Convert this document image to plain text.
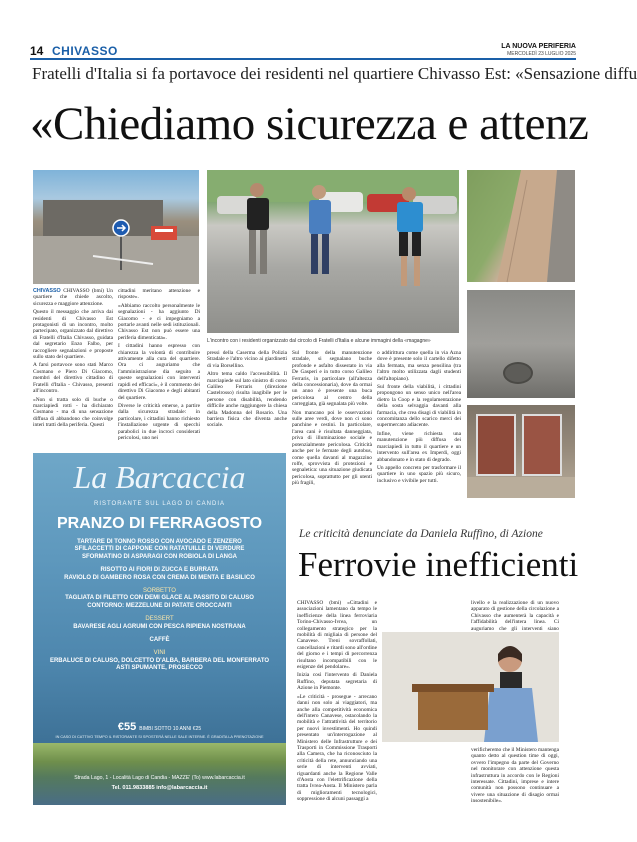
14 CHIVASSO	LA NUOVA PERIFERIA
MERCOLEDÌ 23 LUGLIO 2025
Fratelli d'Italia si fa portavoce dei residenti nel quartiere Chivasso Est: «Sensazione diffu
«Chiediamo sicurezza e attenz
L'incontro con i residenti organizzato dal circolo di Fratelli d'Italia e alcune immagini della «magagne»

CHIVASSO CHIVASSO (bmi) Un quartiere che chiede ascolto, sicurezza e maggiore attenzione.

Questo il messaggio che arriva dai residenti di Chivasso Est protagonisti di un incontro, molto partecipato, organizzato dal direttivo di Fratelli d'Italia Chivasso, guidata dal segretario Enzo Falbo, per raccogliere segnalazioni e proposte sullo stato del quartiere.

A farsi portavoce sono stati Marco Cosmano e Piero Di Giacomo, membri del direttivo cittadino di Fratelli d'Italia - Chivasso, presenti all'incontro.

«Non si tratta solo di buche o marciapiedi rotti - ha dichiarato Cosmano - ma di una sensazione diffusa di abbandono che coinvolge interi tratti della periferia. Questi

cittadini meritano attenzione e risposte».

«Abbiamo raccolto personalmente le segnalazioni - ha aggiunto Di Giacomo - e ci impegniamo a portarle avanti nelle sedi istituzionali. Chivasso Est non può essere una periferia dimenticata».

I cittadini hanno espresso con chiarezza la volontà di contribuire attivamente alla cura del quartiere. Ora ci auguriamo che l'amministrazione dia seguito a queste segnalazioni con interventi rapidi ed efficaci», è il commento dei direttivo Di Giacomo e degli abitanti del quartiere.

Diverse le criticità emerse, a partire dalla sicurezza stradale: in particolare, i cittadini hanno richiesto l'installazione urgente di specchi parabolici in due incroci considerati pericolosi, uno nei

pressi della Caserma della Polizia Stradale e l'altro vicino ai giardinetti di via Borsellino.

Altro tema caldo l'accessibilità. Il marciapiede sul lato sinistro di corso Galileo Ferraris (direzione Castelrosso) risulta inagibile per le persone con disabilità, rendendo difficile anche raggiungere la chiesa della Madonna del Rosario. Una barriera fisica che diventa anche sociale.

Sul fronte della manutenzione stradale, si segnalano buche profonde e asfalto dissestato in via De Gasperi e in tutto corso Galileo Ferraris, in particolare (all'altezza della concessionaria), dove da ormai un anno è presente una buca pericolosa al centro della carreggiata, già segnalata più volte.

Non mancano poi le osservazioni sulle aree verdi, dove non ci sono panchine e cestini. In particolare, l'area cani è risultata danneggiata, priva di illuminazione sociale e potenzialmente pericolosa. Criticità anche per le fermate degli autobus, come quella davanti al magazzino rolfe, sprovvista di protezioni e segnaletica: una situazione giudicata pericolosa, soprattutto per gli utenti più fragili,

o addirittura come quella in via Azna dove è presente solo il cartello difetto alla fermata, ma senza pensilina (tra l'altro molto utilizzata dagli studenti dell'altopiano).

Sul fronte della viabilità, i cittadini propongono un senso unico nell'area dietro la Coop e la regolamentazione della sosta selvaggia davanti alla farmacia, che crea disagi di viabilità in concomitanza dello scarico merci dei supermercato adiacente.

Infine, viene richiesta una manutenzione più diffusa dei marciapiedi in tutto il quartiere e un intervento sull'area ex Imperdi, oggi abbandonato e in stato di degrado.

Un appello concreto per trasformare il quartiere in uno spazio più sicuro, inclusivo e vivibile per tutti.

La Barcaccia
RISTORANTE SUL LAGO DI CANDIA
PRANZO DI FERRAGOSTO
TARTARE DI TONNO ROSSO CON AVOCADO E ZENZERO
SFILACCETTI DI CAPPONE CON RATATUILLE DI VERDURE
SFORMATINO DI ASPARAGI CON ROBIOLA DI LANGA
RISOTTO AI FIORI DI ZUCCA E BURRATA
RAVIOLO DI GAMBERO ROSA CON CREMA DI MENTA E BASILICO
SORBETTO
TAGLIATA DI FILETTO CON DEMI GLACE AL PASSITO DI CALUSO
CONTORNO: MEZZELUNE DI PATATE CROCCANTI
DESSERT
BAVARESE AGLI AGRUMI CON PESCA RIPIENA NOSTRANA
CAFFÈ
VINI
ERBALUCE DI CALUSO, DOLCETTO D'ALBA, BARBERA DEL MONFERRATO
ASTI SPUMANTE, PROSECCO
€55 BIMBI SOTTO 10 ANNI €25
IN CASO DI CATTIVO TEMPO IL RISTORANTE SI SPOSTERÀ NELLE SALE INTERNE. È GRADITA LA PRENOTAZIONE
Strada Lago, 1 - Località Lago di Candia - MAZZE' (To) www.labarcaccia.it
Tel. 011.9833885 info@labarcaccia.it
Le criticità denunciate da Daniela Ruffino, di Azione
Ferrovie inefficienti

CHIVASSO (bmi) «Cittadini e associazioni lamentano da tempo le inefficienze della linea ferroviaria Torino-Chivasso-Ivrea, un collegamento strategico per la mobilità di migliaia di persone del Canavese. Treni sovraffollati, cancellazioni e ritardi sono all'ordine del giorno e i tempi di percorrenza risultano incompatibili con le esigenze del pendolare».

Inizia così l'intervento di Daniela Ruffino, deputata segretaria di Azione in Piemonte.

«Le criticità - prosegue - arrecano danni non solo ai viaggiatori, ma anche alla competitività economica dell'intero Canavese, ostacolando la mobilità e l'attrattività del territorio per nuovi investimenti. Ho quindi presentato un'interrogazione al Ministero delle Infrastrutture e dei Trasporti in Commissione Trasporti alla Camera, che ha riconosciuto la criticità della rete, annunciando una serie di interventi avviati, riguardanti anche la Regione Valle d'Aosta con l'elettrificazione della tratta Ivrea-Aosta. Il Ministero parla di miglioramenti tecnologici, soppressione di alcuni passaggi a

livello e la realizzazione di un nuovo apparato di gestione della circolazione a Chivasso che aumenterà la capacità e l'affidabilità dell'intera linea. Ci auguriamo che gli interventi siano

verificheremo che il Ministero mantenga quanto detto al question time di oggi, ovvero l'impegno da parte del Governo nel monitorare con attenzione questa infrastruttura in accordo con le Regioni interessate. Cittadini, imprese e intere comunità non possono continuare a vivere una situazione di disagio ormai insostenibile».
